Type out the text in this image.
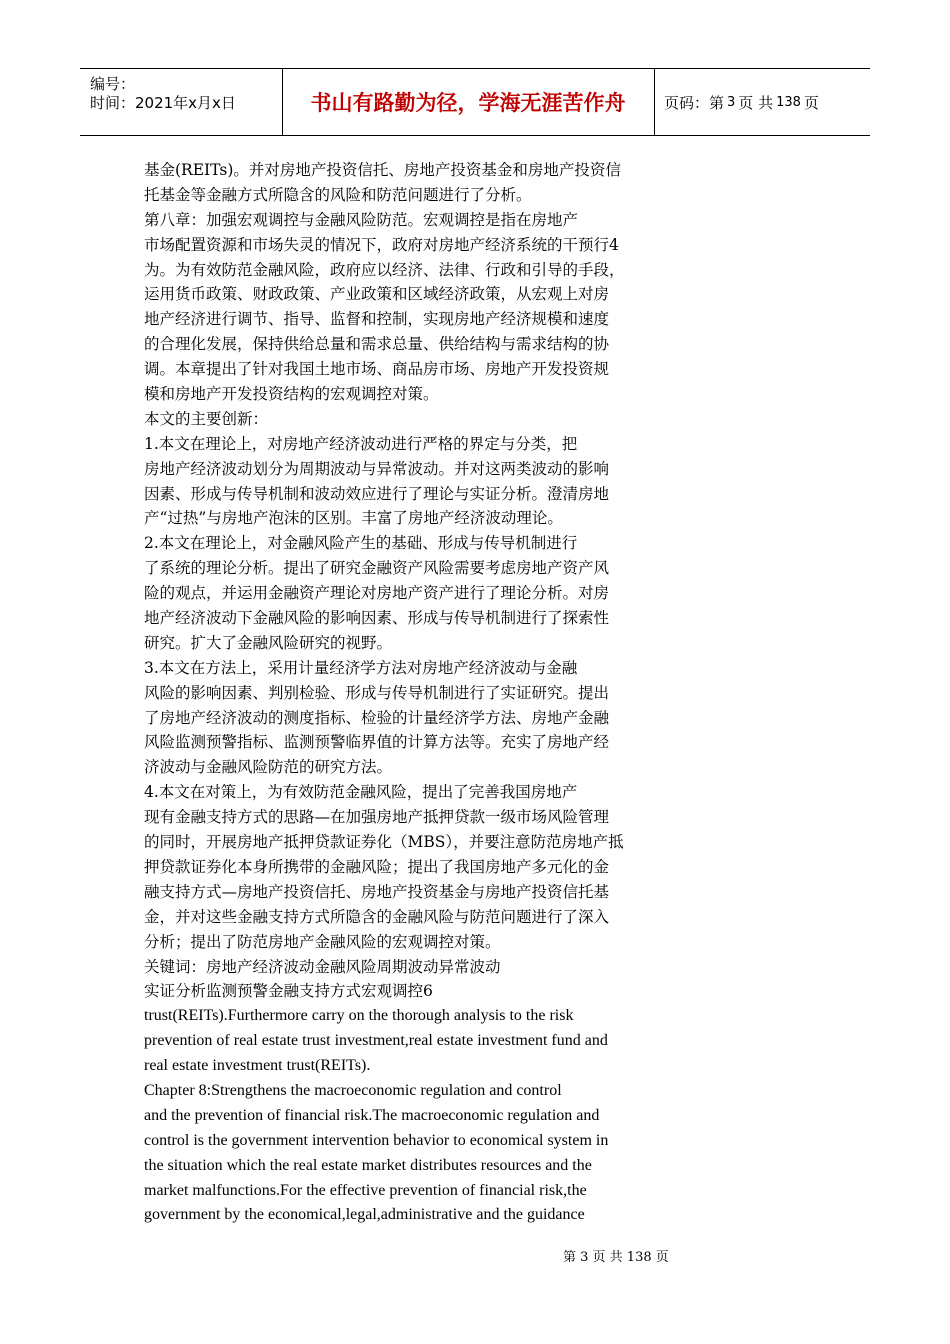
编号：
时间：2021年x月x日	书山有路勤为径，学海无涯苦作舟	页码：第 3 页 共 138 页
基金(REITs)。并对房地产投资信托、房地产投资基金和房地产投资信
托基金等金融方式所隐含的风险和防范问题进行了分析。
第八章：加强宏观调控与金融风险防范。宏观调控是指在房地产
市场配置资源和市场失灵的情况下，政府对房地产经济系统的干预行4
为。为有效防范金融风险，政府应以经济、法律、行政和引导的手段，
运用货币政策、财政政策、产业政策和区域经济政策，从宏观上对房
地产经济进行调节、指导、监督和控制，实现房地产经济规模和速度
的合理化发展，保持供给总量和需求总量、供给结构与需求结构的协
调。本章提出了针对我国土地市场、商品房市场、房地产开发投资规
模和房地产开发投资结构的宏观调控对策。
本文的主要创新：
1.本文在理论上，对房地产经济波动进行严格的界定与分类，把
房地产经济波动划分为周期波动与异常波动。并对这两类波动的影响
因素、形成与传导机制和波动效应进行了理论与实证分析。澄清房地
产“过热”与房地产泡沫的区别。丰富了房地产经济波动理论。
2.本文在理论上，对金融风险产生的基础、形成与传导机制进行
了系统的理论分析。提出了研究金融资产风险需要考虑房地产资产风
险的观点，并运用金融资产理论对房地产资产进行了理论分析。对房
地产经济波动下金融风险的影响因素、形成与传导机制进行了探索性
研究。扩大了金融风险研究的视野。
3.本文在方法上，采用计量经济学方法对房地产经济波动与金融
风险的影响因素、判别检验、形成与传导机制进行了实证研究。提出
了房地产经济波动的测度指标、检验的计量经济学方法、房地产金融
风险监测预警指标、监测预警临界值的计算方法等。充实了房地产经
济波动与金融风险防范的研究方法。
4.本文在对策上，为有效防范金融风险，提出了完善我国房地产
现有金融支持方式的思路—在加强房地产抵押贷款一级市场风险管理
的同时，开展房地产抵押贷款证券化（MBS），并要注意防范房地产抵
押贷款证券化本身所携带的金融风险；提出了我国房地产多元化的金
融支持方式—房地产投资信托、房地产投资基金与房地产投资信托基
金，并对这些金融支持方式所隐含的金融风险与防范问题进行了深入
分析；提出了防范房地产金融风险的宏观调控对策。
关键词：房地产经济波动金融风险周期波动异常波动
实证分析监测预警金融支持方式宏观调控6
trust(REITs).Furthermore carry on the thorough analysis to the risk
prevention of real estate trust investment,real estate investment fund and
real estate investment trust(REITs).
Chapter 8:Strengthens the macroeconomic regulation and control
and the prevention of financial risk.The macroeconomic regulation and
control is the government intervention behavior to economical system in
the situation which the real estate market distributes resources and the
market malfunctions.For the effective prevention of financial risk,the
government by the economical,legal,administrative and the guidance
第 3 页 共 138 页
